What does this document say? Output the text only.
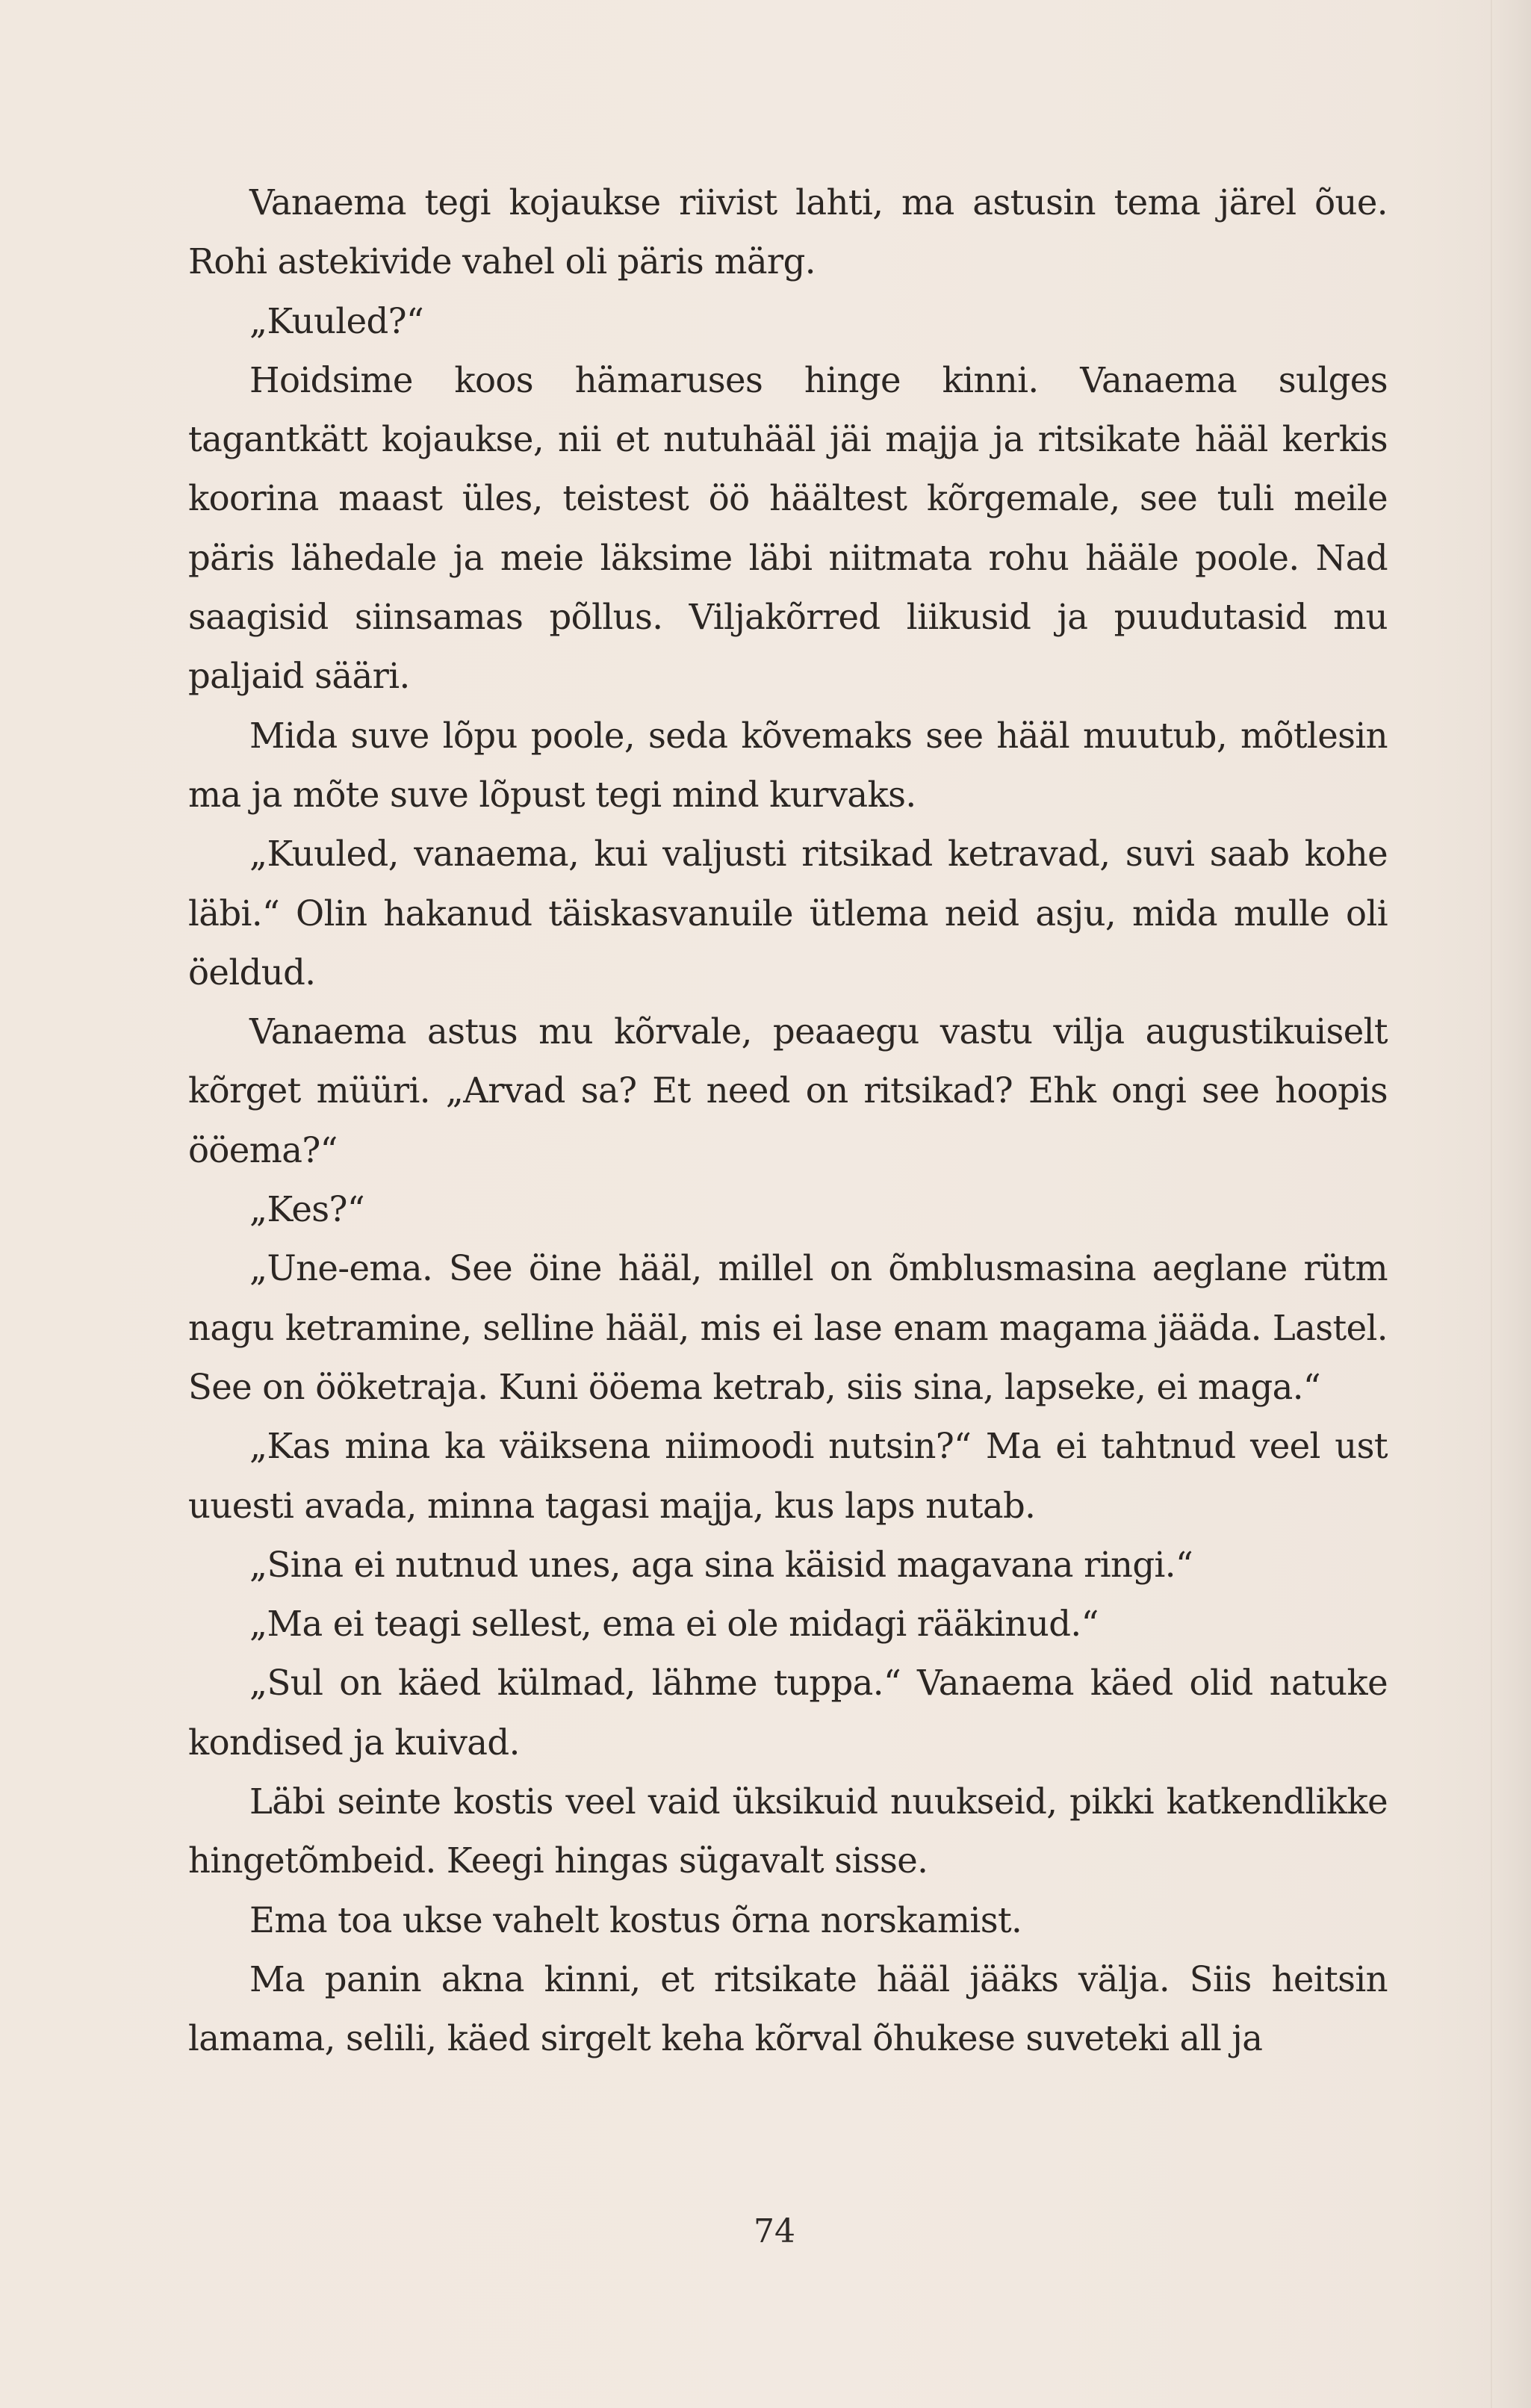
Vanaema tegi kojaukse riivist lahti, ma astusin tema järel õue. Rohi astekivide vahel oli päris märg.

„Kuuled?“

Hoidsime koos hämaruses hinge kinni. Vanaema sulges tagantkätt kojaukse, nii et nutuhääl jäi majja ja ritsikate hääl kerkis koorina maast üles, teistest öö häältest kõrgemale, see tuli meile päris lähedale ja meie läksime läbi niitmata rohu hääle poole. Nad saagisid siinsamas põllus. Viljakõrred liikusid ja puudutasid mu paljaid sääri.

Mida suve lõpu poole, seda kõvemaks see hääl muutub, mõtlesin ma ja mõte suve lõpust tegi mind kurvaks.

„Kuuled, vanaema, kui valjusti ritsikad ketravad, suvi saab kohe läbi.“ Olin hakanud täiskasvanuile ütlema neid asju, mida mulle oli öeldud.

Vanaema astus mu kõrvale, peaaegu vastu vilja augustikuiselt kõrget müüri. „Arvad sa? Et need on ritsikad? Ehk ongi see hoopis ööema?“

„Kes?“

„Une-ema. See öine hääl, millel on õmblusmasina aeglane rütm nagu ketramine, selline hääl, mis ei lase enam magama jääda. Lastel. See on ööketraja. Kuni ööema ketrab, siis sina, lapseke, ei maga.“

„Kas mina ka väiksena niimoodi nutsin?“ Ma ei tahtnud veel ust uuesti avada, minna tagasi majja, kus laps nutab.

„Sina ei nutnud unes, aga sina käisid magavana ringi.“

„Ma ei teagi sellest, ema ei ole midagi rääkinud.“

„Sul on käed külmad, lähme tuppa.“ Vanaema käed olid natuke kondised ja kuivad.

Läbi seinte kostis veel vaid üksikuid nuukseid, pikki katkendlikke hingetõmbeid. Keegi hingas sügavalt sisse.

Ema toa ukse vahelt kostus õrna norskamist.

Ma panin akna kinni, et ritsikate hääl jääks välja. Siis heitsin lamama, selili, käed sirgelt keha kõrval õhukese suveteki all ja

74
